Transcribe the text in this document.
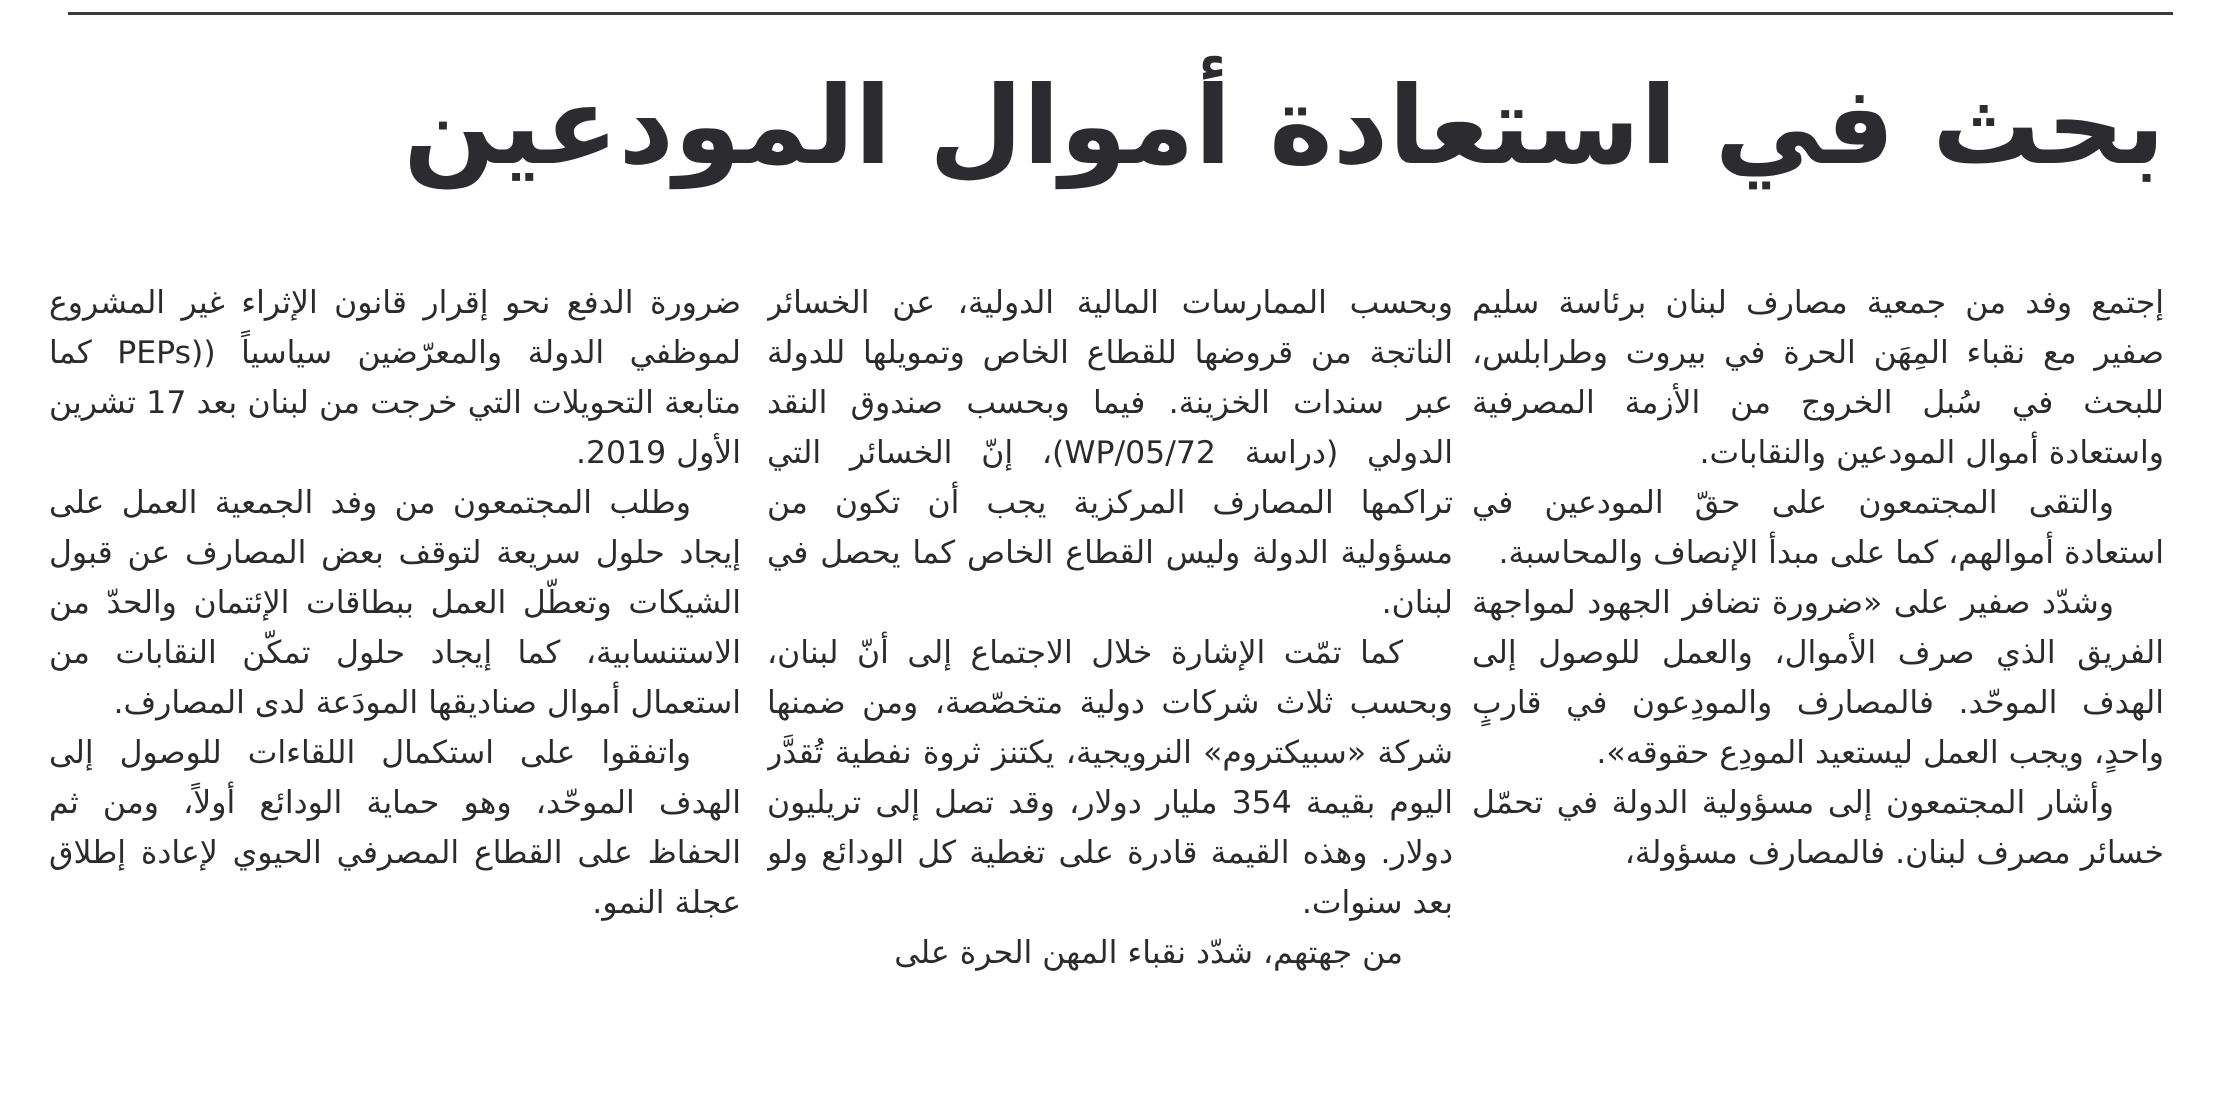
بحث في استعادة أموال المودعين

إجتمع وفد من جمعية مصارف لبنان برئاسة سليم صفير مع نقباء المِهَن الحرة في بيروت وطرابلس، للبحث في سُبل الخروج من الأزمة المصرفية واستعادة أموال المودعين والنقابات.

والتقى المجتمعون على حقّ المودعين في استعادة أموالهم، كما على مبدأ الإنصاف والمحاسبة.

وشدّد صفير على «ضرورة تضافر الجهود لمواجهة الفريق الذي صرف الأموال، والعمل للوصول إلى الهدف الموحّد. فالمصارف والمودِعون في قاربٍ واحدٍ، ويجب العمل ليستعيد المودِع حقوقه».

وأشار المجتمعون إلى مسؤولية الدولة في تحمّل خسائر مصرف لبنان. فالمصارف مسؤولة،

وبحسب الممارسات المالية الدولية، عن الخسائر الناتجة من قروضها للقطاع الخاص وتمويلها للدولة عبر سندات الخزينة. فيما وبحسب صندوق النقد الدولي (دراسة 72/WP/05)، إنّ الخسائر التي تراكمها المصارف المركزية يجب أن تكون من مسؤولية الدولة وليس القطاع الخاص كما يحصل في لبنان.

كما تمّت الإشارة خلال الاجتماع إلى أنّ لبنان، وبحسب ثلاث شركات دولية متخصّصة، ومن ضمنها شركة «سبيكتروم» النرويجية، يكتنز ثروة نفطية تُقدَّر اليوم بقيمة 354 مليار دولار، وقد تصل إلى تريليون دولار. وهذه القيمة قادرة على تغطية كل الودائع ولو بعد سنوات.

من جهتهم، شدّد نقباء المهن الحرة على

ضرورة الدفع نحو إقرار قانون الإثراء غير المشروع لموظفي الدولة والمعرّضين سياسياً ((PEPs كما متابعة التحويلات التي خرجت من لبنان بعد 17 تشرين الأول 2019.

وطلب المجتمعون من وفد الجمعية العمل على إيجاد حلول سريعة لتوقف بعض المصارف عن قبول الشيكات وتعطّل العمل ببطاقات الإئتمان والحدّ من الاستنسابية، كما إيجاد حلول تمكّن النقابات من استعمال أموال صناديقها المودَعة لدى المصارف.

واتفقوا على استكمال اللقاءات للوصول إلى الهدف الموحّد، وهو حماية الودائع أولاً، ومن ثم الحفاظ على القطاع المصرفي الحيوي لإعادة إطلاق عجلة النمو.
